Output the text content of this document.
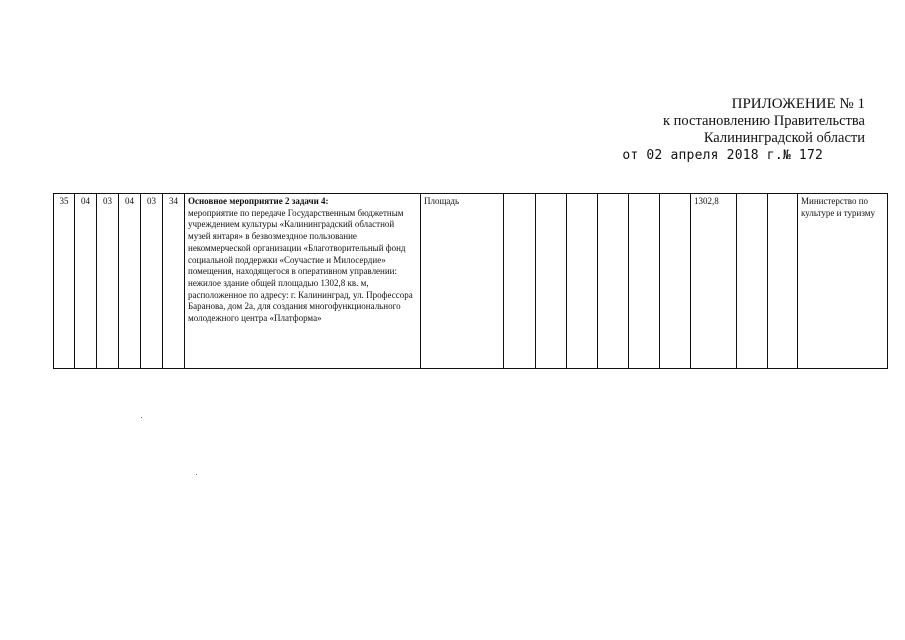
ПРИЛОЖЕНИЕ № 1
к постановлению Правительства
Калининградской области
от 02 апреля 2018 г.№ 172
35	04	03	04	03	34	Основное мероприятие 2 задачи 4:
мероприятие по передаче Государственным бюджетным учреждением культуры «Калининградский областной музей янтаря» в безвозмездное пользование некоммерческой организации «Благотворительный фонд социальной поддержки «Соучастие и Милосердие» помещения, находящегося в оперативном управлении: нежилое здание общей площадью 1302,8 кв. м, расположенное по адресу: г. Калининград, ул. Профессора Баранова, дом 2а, для создания многофункционального молодежного центра «Платформа»	Площадь							1302,8			Министерство по культуре и туризму
